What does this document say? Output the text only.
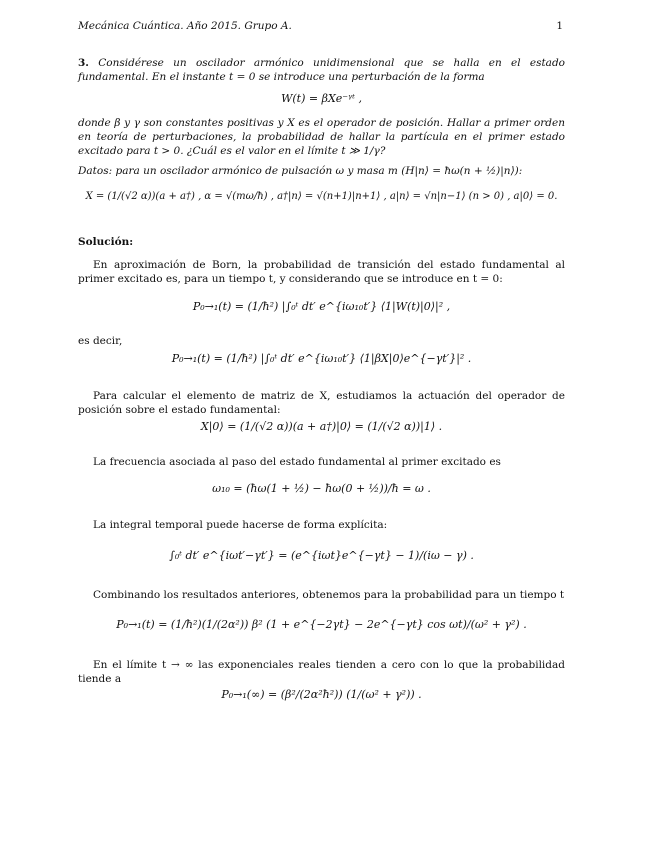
Mecánica Cuántica. Año 2015. Grupo A.	1
3. Considérese un oscilador armónico unidimensional que se halla en el estado fundamental. En el instante t = 0 se introduce una perturbación de la forma
W(t) = βXe⁻ᵞᵗ ,
donde β y γ son constantes positivas y X es el operador de posición. Hallar a primer orden en teoría de perturbaciones, la probabilidad de hallar la partícula en el primer estado excitado para t > 0. ¿Cuál es el valor en el límite t ≫ 1/γ?
Datos: para un oscilador armónico de pulsación ω y masa m (H|n⟩ = ħω(n + ½)|n⟩):
X = (1/(√2 α))(a + a†) , α = √(mω/ħ) , a†|n⟩ = √(n+1)|n+1⟩ , a|n⟩ = √n|n−1⟩ (n > 0) , a|0⟩ = 0.
Solución:
En aproximación de Born, la probabilidad de transición del estado fundamental al primer excitado es, para un tiempo t, y considerando que se introduce en t = 0:
P₀→₁(t) = (1/ħ²) |∫₀ᵗ dt′ e^{iω₁₀t′} ⟨1|W(t)|0⟩|² ,
es decir,
P₀→₁(t) = (1/ħ²) |∫₀ᵗ dt′ e^{iω₁₀t′} ⟨1|βX|0⟩e^{−γt′}|² .
Para calcular el elemento de matriz de X, estudiamos la actuación del operador de posición sobre el estado fundamental:
X|0⟩ = (1/(√2 α))(a + a†)|0⟩ = (1/(√2 α))|1⟩ .
La frecuencia asociada al paso del estado fundamental al primer excitado es
ω₁₀ = (ħω(1 + ½) − ħω(0 + ½))/ħ = ω .
La integral temporal puede hacerse de forma explícita:
∫₀ᵗ dt′ e^{iωt′−γt′} = (e^{iωt}e^{−γt} − 1)/(iω − γ) .
Combinando los resultados anteriores, obtenemos para la probabilidad para un tiempo t
P₀→₁(t) = (1/ħ²)(1/(2α²)) β² (1 + e^{−2γt} − 2e^{−γt} cos ωt)/(ω² + γ²) .
En el límite t → ∞ las exponenciales reales tienden a cero con lo que la probabilidad tiende a
P₀→₁(∞) = (β²/(2α²ħ²)) (1/(ω² + γ²)) .
